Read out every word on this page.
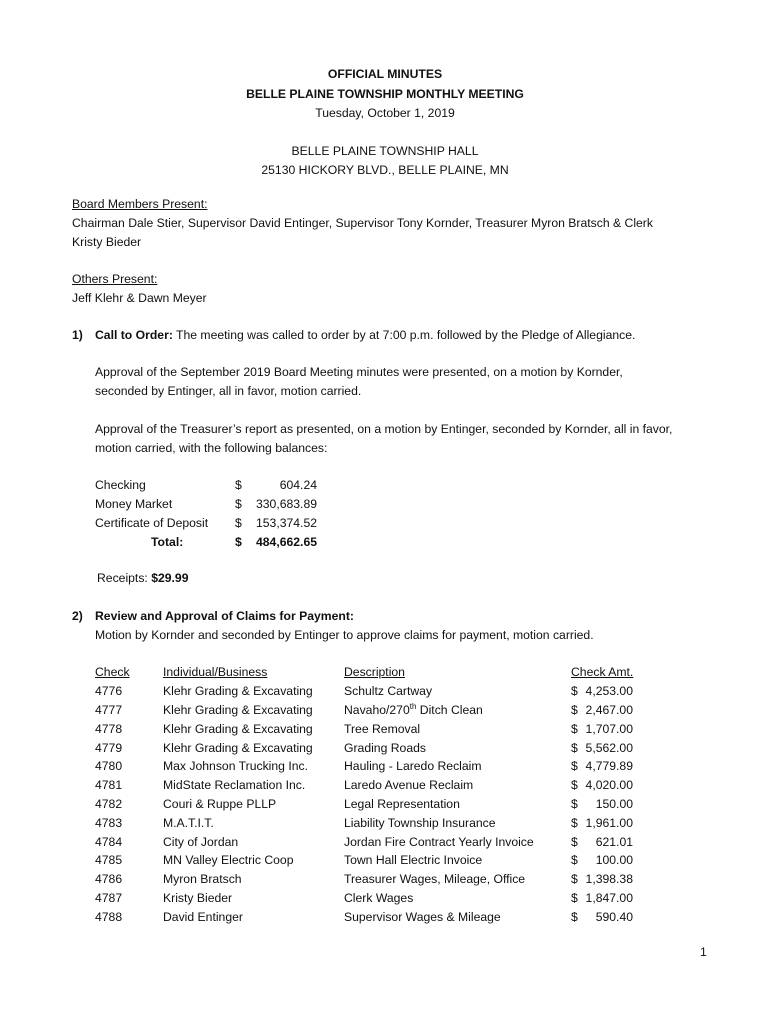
OFFICIAL MINUTES
BELLE PLAINE TOWNSHIP MONTHLY MEETING
Tuesday, October 1, 2019
BELLE PLAINE TOWNSHIP HALL
25130 HICKORY BLVD., BELLE PLAINE, MN
Board Members Present:
Chairman Dale Stier, Supervisor David Entinger, Supervisor Tony Kornder, Treasurer Myron Bratsch & Clerk
Kristy Bieder
Others Present:
Jeff Klehr & Dawn Meyer
1) Call to Order: The meeting was called to order by at 7:00 p.m. followed by the Pledge of Allegiance.
Approval of the September 2019 Board Meeting minutes were presented, on a motion by Kornder,
seconded by Entinger, all in favor, motion carried.
Approval of the Treasurer’s report as presented, on a motion by Entinger, seconded by Kornder, all in favor,
motion carried, with the following balances:
Checking	$	604.24
Money Market	$	330,683.89
Certificate of Deposit	$	153,374.52
Total:	$	484,662.65
Receipts: $29.99
2) Review and Approval of Claims for Payment:
Motion by Kornder and seconded by Entinger to approve claims for payment, motion carried.
Check	Individual/Business	Description	Check Amt.
4776	Klehr Grading & Excavating	Schultz Cartway	$ 4,253.00
4777	Klehr Grading & Excavating	Navaho/270th Ditch Clean	$ 2,467.00
4778	Klehr Grading & Excavating	Tree Removal	$ 1,707.00
4779	Klehr Grading & Excavating	Grading Roads	$ 5,562.00
4780	Max Johnson Trucking Inc.	Hauling - Laredo Reclaim	$ 4,779.89
4781	MidState Reclamation Inc.	Laredo Avenue Reclaim	$ 4,020.00
4782	Couri & Ruppe PLLP	Legal Representation	$ 150.00
4783	M.A.T.I.T.	Liability Township Insurance	$ 1,961.00
4784	City of Jordan	Jordan Fire Contract Yearly Invoice	$ 621.01
4785	MN Valley Electric Coop	Town Hall Electric Invoice	$ 100.00
4786	Myron Bratsch	Treasurer Wages, Mileage, Office	$ 1,398.38
4787	Kristy Bieder	Clerk Wages	$ 1,847.00
4788	David Entinger	Supervisor Wages & Mileage	$ 590.40
1
